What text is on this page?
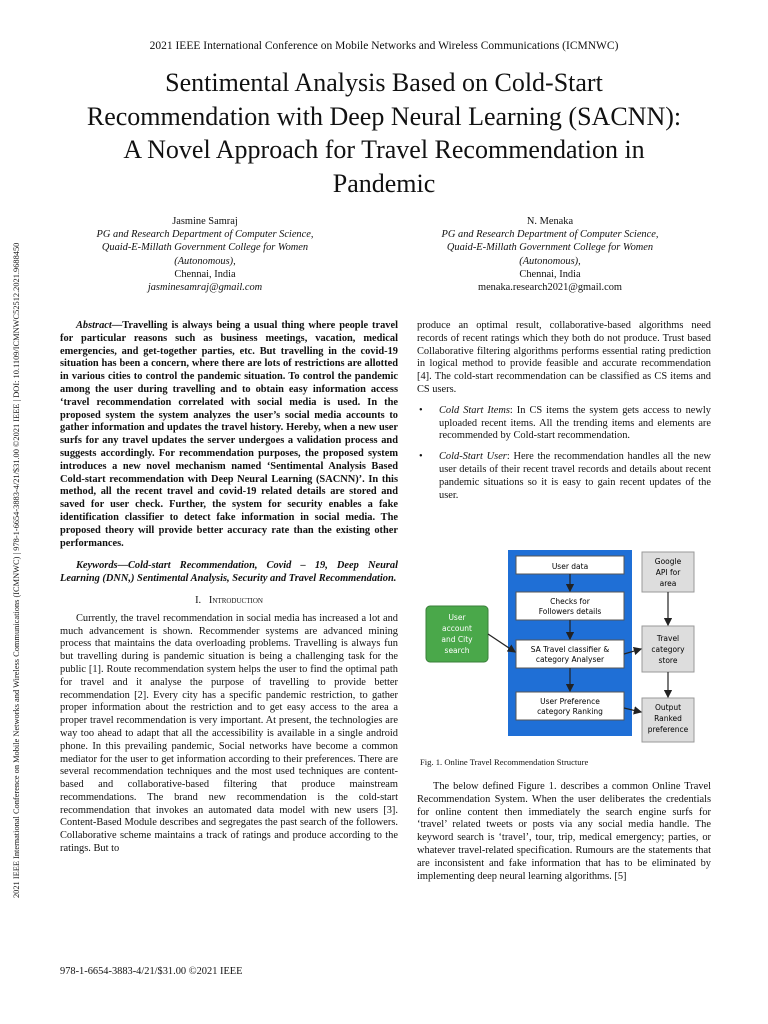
2021 IEEE International Conference on Mobile Networks and Wireless Communications (ICMNWC) | 978-1-6654-3883-4/21/$31.00 ©2021 IEEE | DOI: 10.1109/ICMNWC52512.2021.9688450
2021 IEEE International Conference on Mobile Networks and Wireless Communications (ICMNWC)
Sentimental Analysis Based on Cold-Start Recommendation with Deep Neural Learning (SACNN): A Novel Approach for Travel Recommendation in Pandemic
Jasmine Samraj
PG and Research Department of Computer Science,
Quaid-E-Millath Government College for Women
(Autonomous),
Chennai, India
jasminesamraj@gmail.com
N. Menaka
PG and Research Department of Computer Science,
Quaid-E-Millath Government College for Women
(Autonomous),
Chennai, India
menaka.research2021@gmail.com

Abstract—Travelling is always being a usual thing where people travel for particular reasons such as business meetings, vacation, medical emergencies, and get-together parties, etc. But travelling in the covid-19 situation has been a concern, where there are lots of restrictions are allotted in various cities to control the pandemic situation. To control the pandemic among the user during travelling and to obtain easy information access ‘travel recommendation correlated with social media is used. In the proposed system the system analyzes the user’s social media accounts to gather information and updates the travel history. Hereby, when a new user surfs for any travel updates the server undergoes a validation process and suggests accordingly. For recommendation purposes, the proposed system introduces a new novel mechanism named ‘Sentimental Analysis Based Cold-start recommendation with Deep Neural Learning (SACNN)’. In this method, all the recent travel and covid-19 related details are stored and saved for user check. Further, the system for security enables a fake identification classifier to detect fake information in social media. The proposed theory will provide better accuracy rate than the existing other performances.

Keywords—Cold-start Recommendation, Covid – 19, Deep Neural Learning (DNN,) Sentimental Analysis, Security and Travel Recommendation.

I. Introduction

Currently, the travel recommendation in social media has increased a lot and much advancement is shown. Recommender systems are advanced mining process that maintains the data overloading problems. Travelling is always fun but travelling during is pandemic situation is being a challenging task for the public [1]. Route recommendation system helps the user to find the optimal path for travel and it analyse the purpose of travelling to provide better recommendation [2]. Every city has a specific pandemic restriction, to gather proper information about the restriction and to get easy access to the area a proper travel recommendation is very important. At present, the technologies are way too ahead to adapt that all the accessibility is available in a single android phone. In this prevailing pandemic, Social networks have become a common mediator for the user to get information according to their preferences. There are several recommendation techniques and the most used techniques are content-based and collaborative-based filtering that produce mainstream recommendations. The brand new recommendation is the cold-start recommendation that invokes an automated data model with new users [3]. Content-Based Module describes and segregates the past search of the followers. Collaborative scheme maintains a track of ratings and produce according to the ratings. But to

produce an optimal result, collaborative-based algorithms need records of recent ratings which they both do not produce. Trust based Collaborative filtering algorithms performs essential rating prediction in logical method to provide feasible and accurate recommendation [4]. The cold-start recommendation can be classified as CS items and CS users.

• Cold Start Items: In CS items the system gets access to newly uploaded recent items. All the trending items and elements are recommended by Cold-start recommendation.

• Cold-Start User: Here the recommendation handles all the new user details of their recent travel records and details about recent pandemic situations so it is easy to gain recent updates of the user.

User data
Checks for
Followers details
SA Travel classifier &
category Analyser
User Preference
category Ranking
User
account
and City
search
Google
API for
area
Travel
category
store
Output
Ranked
preference
Fig. 1. Online Travel Recommendation Structure

The below defined Figure 1. describes a common Online Travel Recommendation System. When the user deliberates the credentials for online content then immediately the search engine surfs for ‘travel’ related tweets or posts via any social media handle. The keyword search is ‘travel’, tour, trip, medical emergency; parties, or whatever travel-related specification. Rumours are the statements that are inconsistent and fake information that has to be eliminated by implementing deep neural learning algorithms. [5]

978-1-6654-3883-4/21/$31.00 ©2021 IEEE
